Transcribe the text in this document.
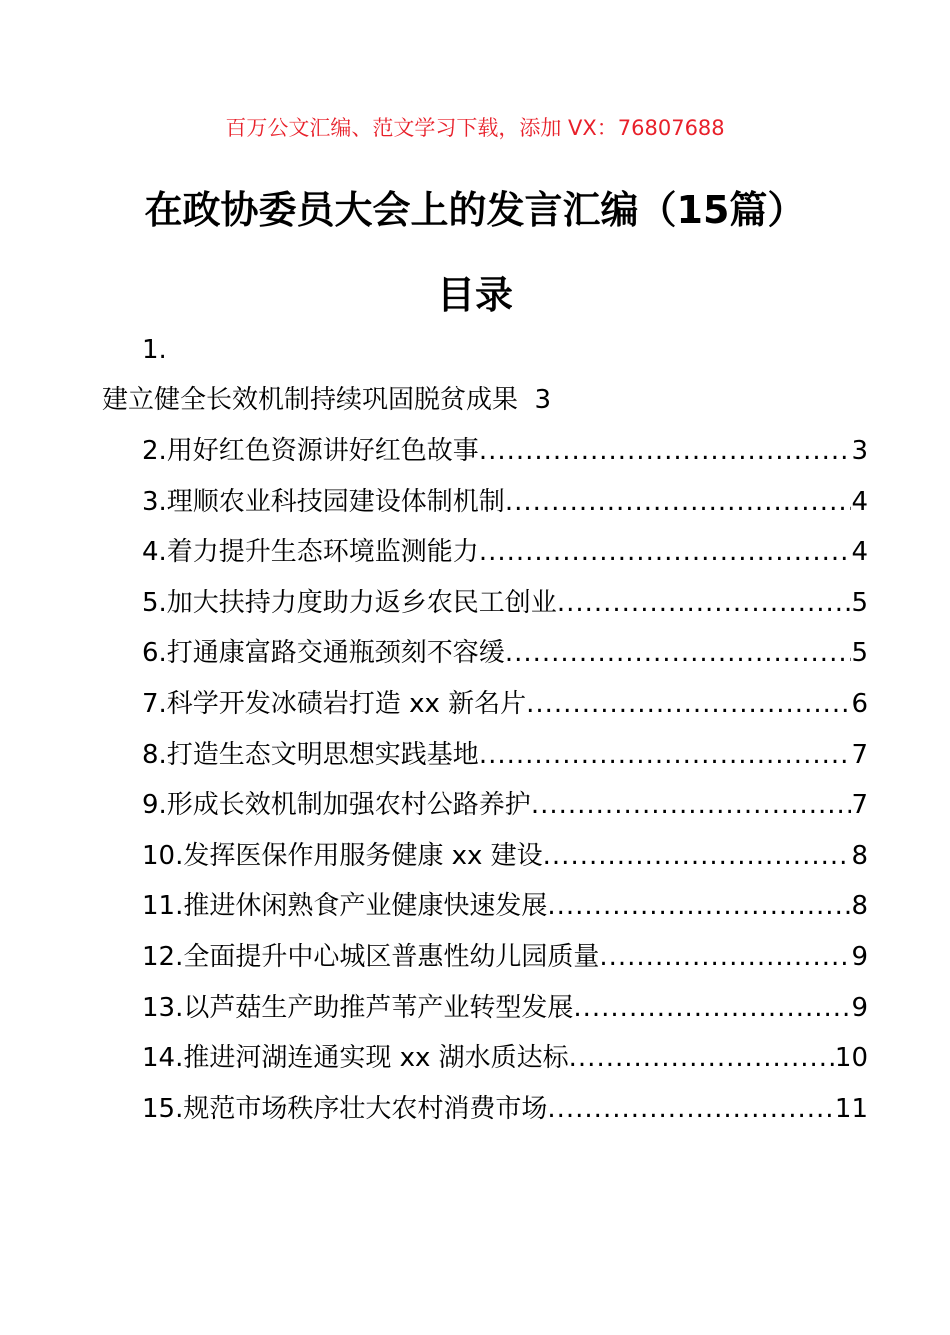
百万公文汇编、范文学习下载，添加 VX：76807688
在政协委员大会上的发言汇编（15篇）
目录
1.
建立健全长效机制持续巩固脱贫成果 3
2.用好红色资源讲好红色故事 .....	3
3.理顺农业科技园建设体制机制 .....	4
4.着力提升生态环境监测能力 .....	4
5.加大扶持力度助力返乡农民工创业 .....	5
6.打通康富路交通瓶颈刻不容缓 .....	5
7.科学开发冰碛岩打造 xx 新名片 .....	6
8.打造生态文明思想实践基地 .....	7
9.形成长效机制加强农村公路养护 .....	7
10.发挥医保作用服务健康 xx 建设 .....	8
11.推进休闲熟食产业健康快速发展 .....	8
12.全面提升中心城区普惠性幼儿园质量 .....	9
13.以芦菇生产助推芦苇产业转型发展 .....	9
14.推进河湖连通实现 xx 湖水质达标 .....	10
15.规范市场秩序壮大农村消费市场 .....	11
